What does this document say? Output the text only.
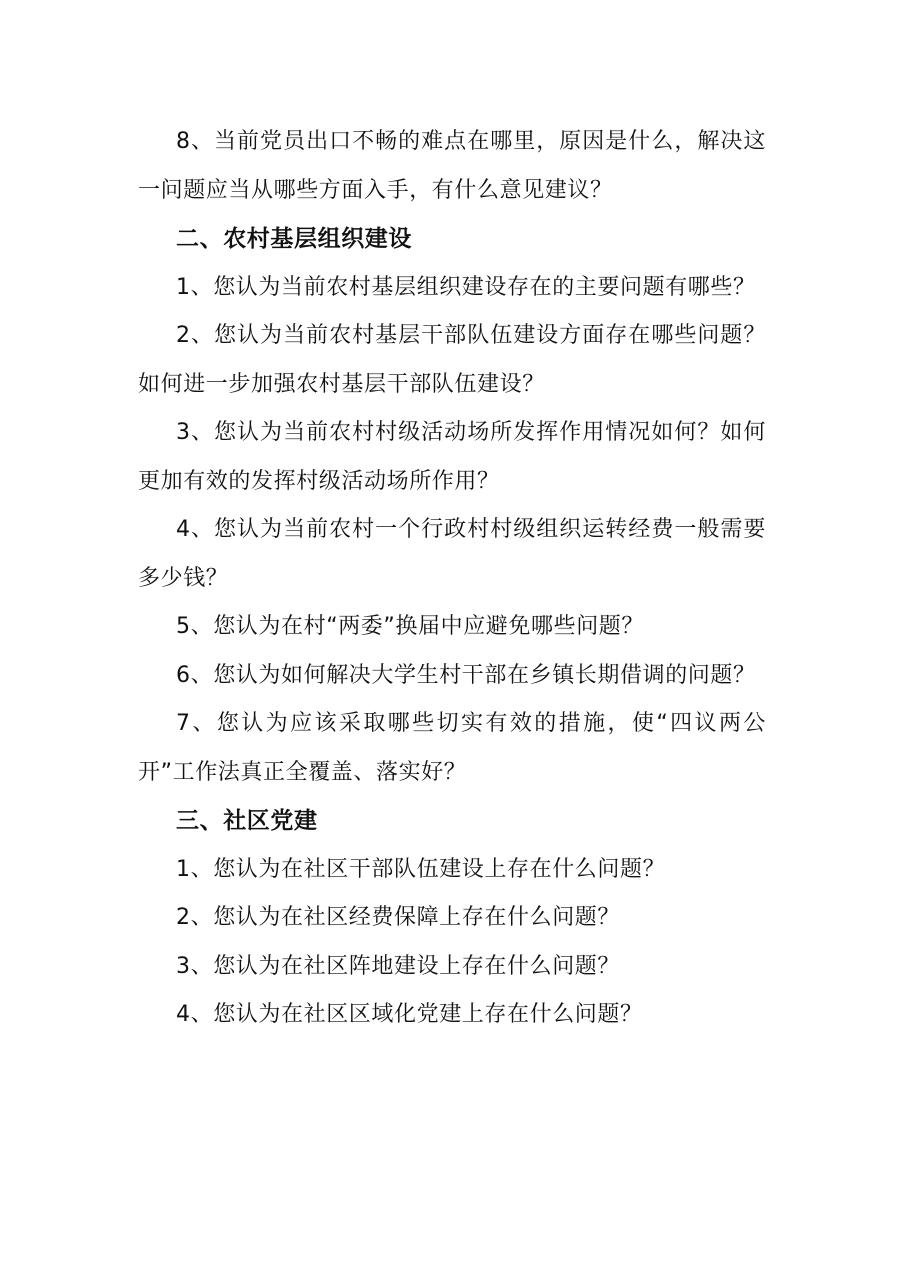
8、当前党员出口不畅的难点在哪里，原因是什么，解决这一问题应当从哪些方面入手，有什么意见建议？

二、农村基层组织建设

1、您认为当前农村基层组织建设存在的主要问题有哪些？

2、您认为当前农村基层干部队伍建设方面存在哪些问题？如何进一步加强农村基层干部队伍建设？

3、您认为当前农村村级活动场所发挥作用情况如何？如何更加有效的发挥村级活动场所作用？

4、您认为当前农村一个行政村村级组织运转经费一般需要多少钱？

5、您认为在村“两委”换届中应避免哪些问题？

6、您认为如何解决大学生村干部在乡镇长期借调的问题？

7、您认为应该采取哪些切实有效的措施，使“四议两公开”工作法真正全覆盖、落实好？

三、社区党建

1、您认为在社区干部队伍建设上存在什么问题？

2、您认为在社区经费保障上存在什么问题？

3、您认为在社区阵地建设上存在什么问题？

4、您认为在社区区域化党建上存在什么问题？
